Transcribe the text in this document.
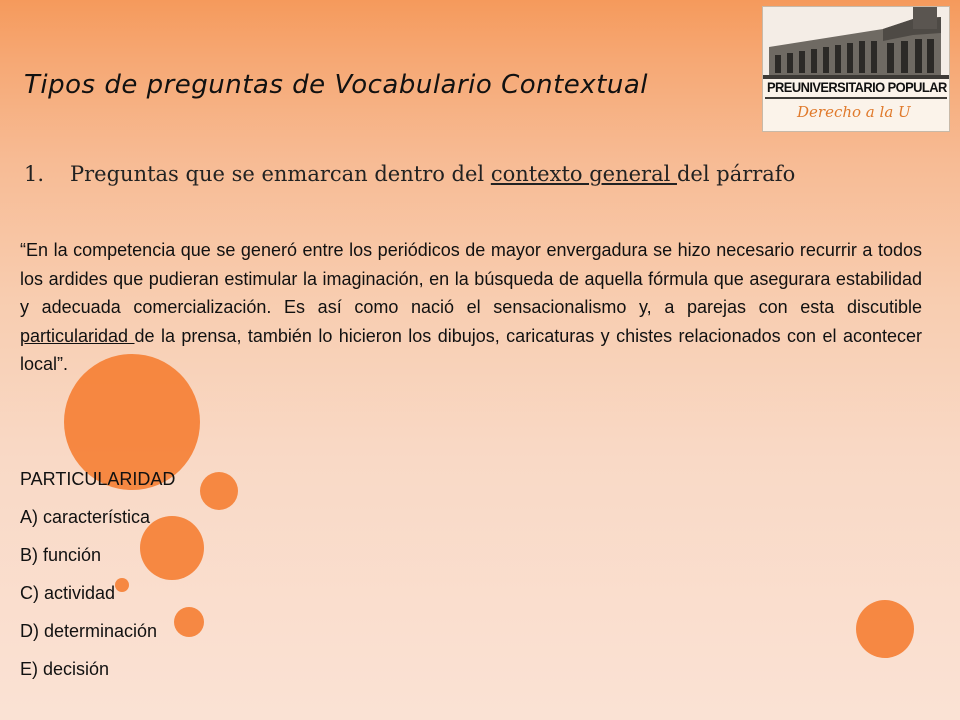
Tipos de preguntas de Vocabulario Contextual	PREUNIVERSITARIO POPULAR
Derecho a la U
1. Preguntas que se enmarcan dentro del contexto general del párrafo
“En la competencia que se generó entre los periódicos de mayor envergadura se hizo necesario recurrir a todos los ardides que pudieran estimular la imaginación, en la búsqueda de aquella fórmula que asegurara estabilidad y adecuada comercialización. Es así como nació el sensacionalismo y, a parejas con esta discutible particularidad de la prensa, también lo hicieron los dibujos, caricaturas y chistes relacionados con el acontecer local”.
PARTICULARIDAD
A) característica
B) función
C) actividad
D) determinación
E) decisión
